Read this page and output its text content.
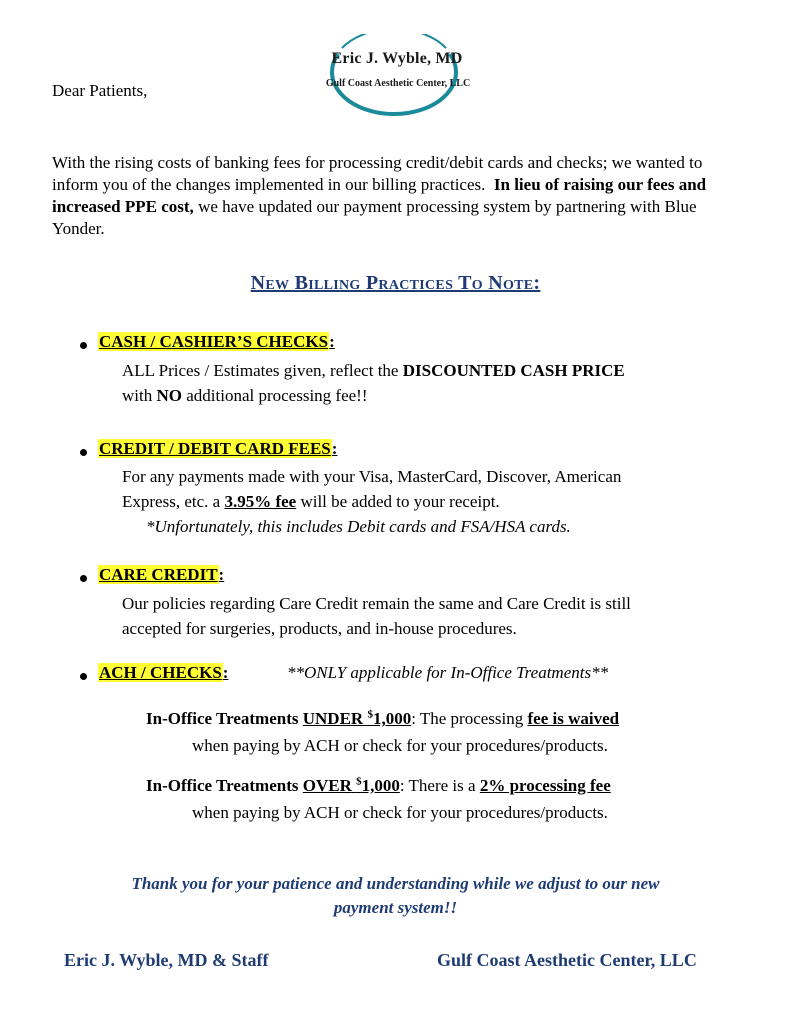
Eric J. Wyble, MD
Gulf Coast Aesthetic Center, LLC
Dear Patients,
With the rising costs of banking fees for processing credit/debit cards and checks; we wanted to inform you of the changes implemented in our billing practices. In lieu of raising our fees and increased PPE cost, we have updated our payment processing system by partnering with Blue Yonder.
New Billing Practices To Note:
CASH / CASHIER’S CHECKS:
ALL Prices / Estimates given, reflect the DISCOUNTED CASH PRICE
with NO additional processing fee!!
CREDIT / DEBIT CARD FEES:
For any payments made with your Visa, MasterCard, Discover, American
Express, etc. a 3.95% fee will be added to your receipt.
*Unfortunately, this includes Debit cards and FSA/HSA cards.
CARE CREDIT:
Our policies regarding Care Credit remain the same and Care Credit is still
accepted for surgeries, products, and in-house procedures.
ACH / CHECKS:	**ONLY applicable for In-Office Treatments**
In-Office Treatments UNDER $1,000: The processing fee is waived
when paying by ACH or check for your procedures/products.
In-Office Treatments OVER $1,000: There is a 2% processing fee
when paying by ACH or check for your procedures/products.
Thank you for your patience and understanding while we adjust to our new
payment system!!
Eric J. Wyble, MD & Staff	Gulf Coast Aesthetic Center, LLC
